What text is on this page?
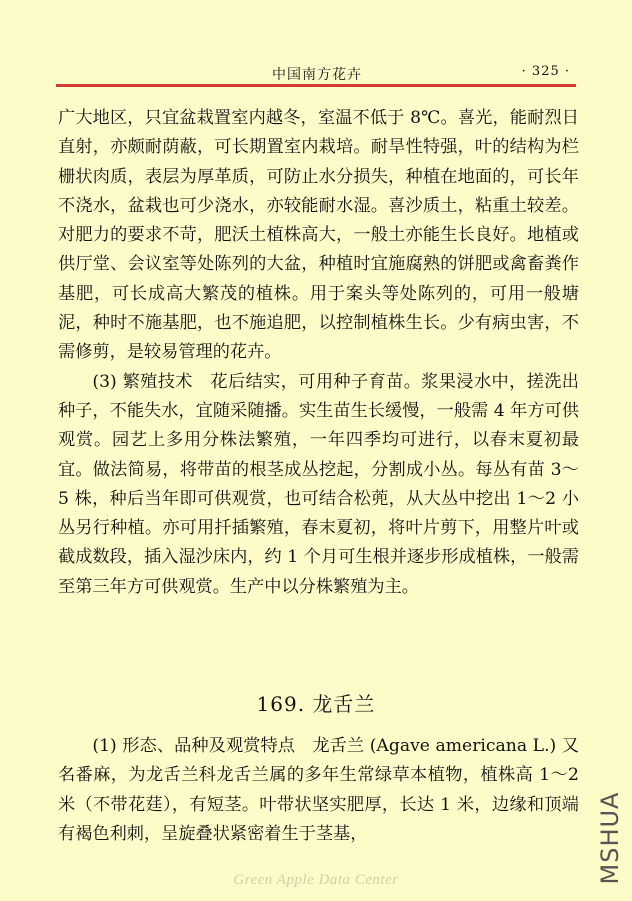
中国南方花卉	· 325 ·

广大地区，只宜盆栽置室内越冬，室温不低于 8℃。喜光，能耐烈日直射，亦颇耐荫蔽，可长期置室内栽培。耐旱性特强，叶的结构为栏栅状肉质，表层为厚革质，可防止水分损失，种植在地面的，可长年不浇水，盆栽也可少浇水，亦较能耐水湿。喜沙质土，粘重土较差。对肥力的要求不苛，肥沃土植株高大，一般土亦能生长良好。地植或供厅堂、会议室等处陈列的大盆，种植时宜施腐熟的饼肥或禽畜粪作基肥，可长成高大繁茂的植株。用于案头等处陈列的，可用一般塘泥，种时不施基肥，也不施追肥，以控制植株生长。少有病虫害，不需修剪，是较易管理的花卉。

(3) 繁殖技术　花后结实，可用种子育苗。浆果浸水中，搓洗出种子，不能失水，宜随采随播。实生苗生长缓慢，一般需 4 年方可供观赏。园艺上多用分株法繁殖，一年四季均可进行，以春末夏初最宜。做法简易，将带苗的根茎成丛挖起，分割成小丛。每丛有苗 3～5 株，种后当年即可供观赏，也可结合松蔸，从大丛中挖出 1～2 小丛另行种植。亦可用扦插繁殖，春末夏初，将叶片剪下，用整片叶或截成数段，插入湿沙床内，约 1 个月可生根并逐步形成植株，一般需至第三年方可供观赏。生产中以分株繁殖为主。

169. 龙舌兰

(1) 形态、品种及观赏特点　龙舌兰 (Agave americana L.) 又名番麻，为龙舌兰科龙舌兰属的多年生常绿草本植物，植株高 1～2 米（不带花莛），有短茎。叶带状坚实肥厚，长达 1 米，边缘和顶端有褐色利刺，呈旋叠状紧密着生于茎基，

Green Apple Data Center	MSHUA
